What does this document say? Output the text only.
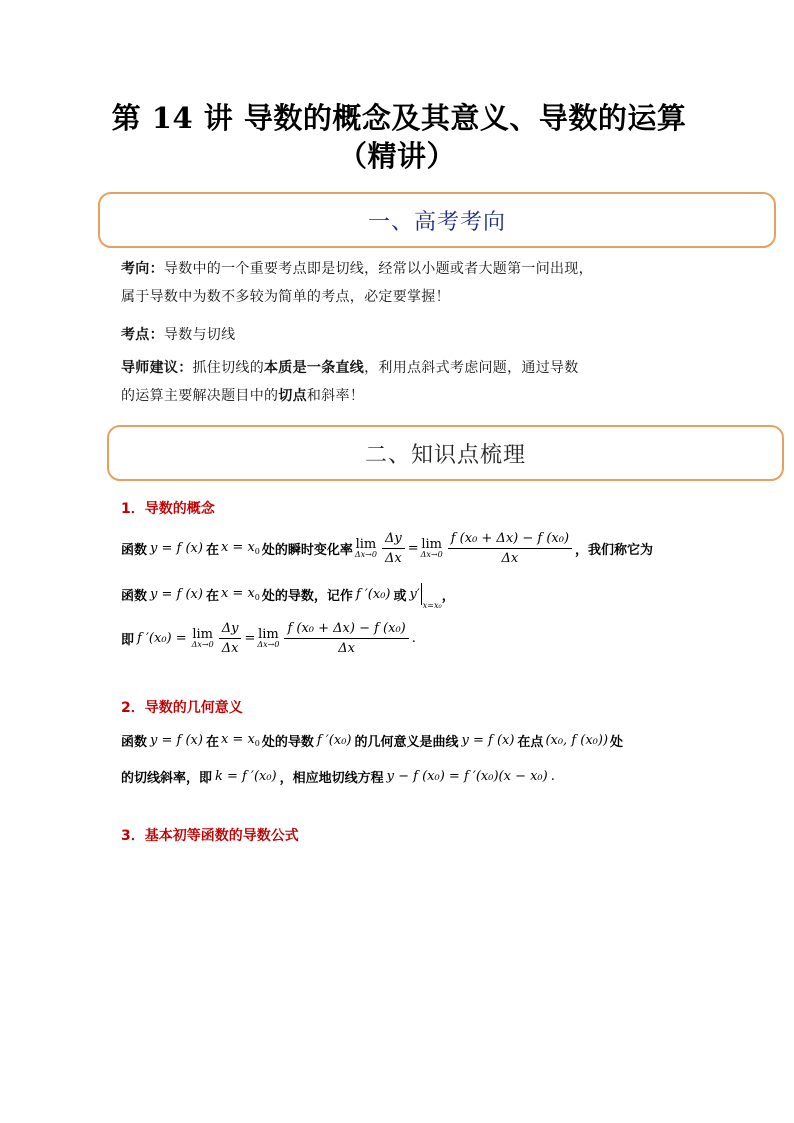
第 14 讲 导数的概念及其意义、导数的运算
（精讲）
一、高考考向
考向：导数中的一个重要考点即是切线，经常以小题或者大题第一问出现，
属于导数中为数不多较为简单的考点，必定要掌握！
考点：导数与切线
导师建议：抓住切线的本质是一条直线，利用点斜式考虑问题，通过导数
的运算主要解决题目中的切点和斜率！
二、知识点梳理
1．导数的概念
函数 y = f (x) 在 $x = x_0$ 处的瞬时变化率 lim
$\Delta x\to 0 \frac{\Delta y}{\Delta x} = \lim$
$\Delta x\to 0 \frac{\text{f (x₀ + Δx) − f (x₀)}}{\Delta x}$ ，我们称它为
函数 y = f (x) 在 $x = x_0$ 处的导数，记作 f ′(x₀) 或 y′
x=x₀
，
即 f ′(x₀) = lim
$\Delta x\to 0 \frac{\Delta y}{\Delta x} = \lim$
$\Delta x\to 0 \frac{\text{f (x₀ + Δx) − f (x₀)}}{\Delta x}$ .
2．导数的几何意义
函数 y = f (x) 在 $x = x_0$ 处的导数 f ′(x₀) 的几何意义是曲线 y = f (x) 在点 (x₀, f (x₀)) 处
的切线斜率，即 k = f ′(x₀) ，相应地切线方程 y − f (x₀) = f ′(x₀)(x − x₀) .
3．基本初等函数的导数公式
